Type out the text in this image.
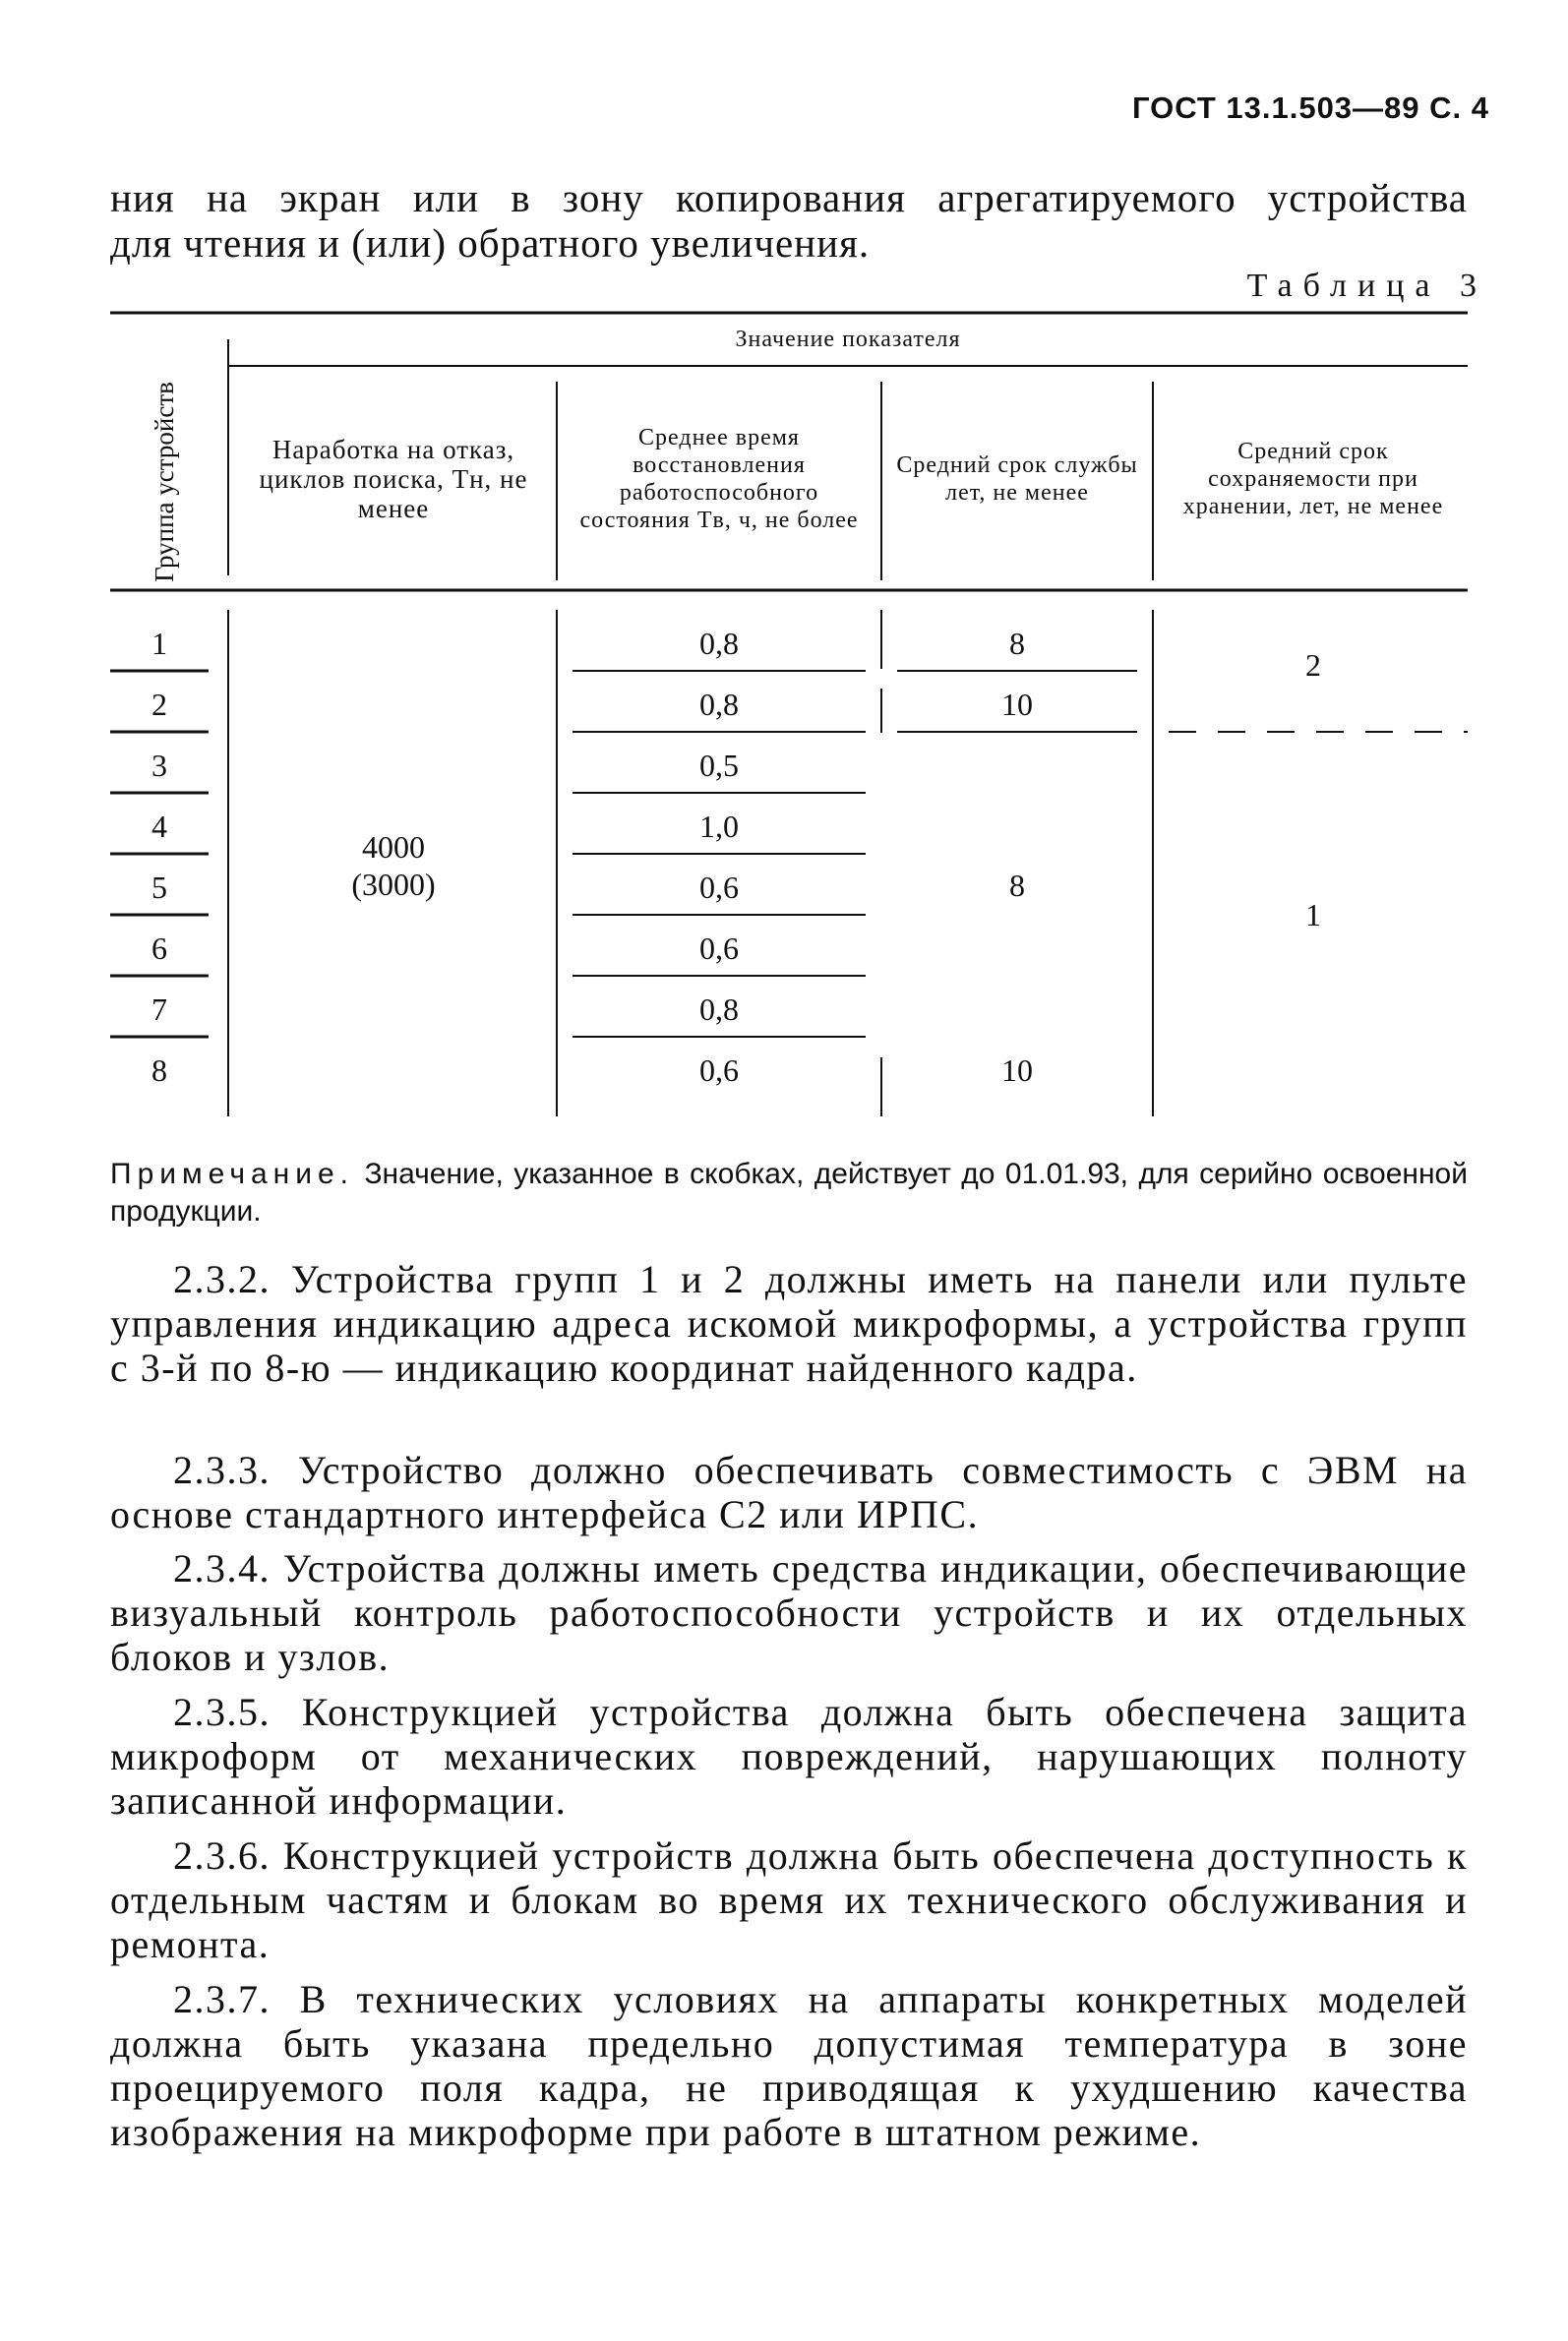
ГОСТ 13.1.503—89 С. 4
ния на экран или в зону копирования агрегатируемого устройства
для чтения и (или) обратного увеличения.
Таблица 3
Группа устройств
Значение показателя
Наработка на отказ, циклов поиска, Tн, не менее
Среднее время восстановления работоспособного состояния Tв, ч, не более
Средний срок службы лет, не менее
Средний срок сохраняемости при хранении, лет, не менее
1
2
3
4
5
6
7
8
4000
(3000)
0,8
0,8
0,5
1,0
0,6
0,6
0,8
0,6
8
10
8
10
2
1
Примечание. Значение, указанное в скобках, действует до 01.01.93, для серийно освоенной продукции.
2.3.2. Устройства групп 1 и 2 должны иметь на панели или пульте управления индикацию адреса искомой микроформы, а устройства групп с 3-й по 8-ю — индикацию координат найденного кадра.
2.3.3. Устройство должно обеспечивать совместимость с ЭВМ на основе стандартного интерфейса С2 или ИРПС.
2.3.4. Устройства должны иметь средства индикации, обеспечивающие визуальный контроль работоспособности устройств и их отдельных блоков и узлов.
2.3.5. Конструкцией устройства должна быть обеспечена защита микроформ от механических повреждений, нарушающих полноту записанной информации.
2.3.6. Конструкцией устройств должна быть обеспечена доступность к отдельным частям и блокам во время их технического обслуживания и ремонта.
2.3.7. В технических условиях на аппараты конкретных моделей должна быть указана предельно допустимая температура в зоне проецируемого поля кадра, не приводящая к ухудшению качества изображения на микроформе при работе в штатном режиме.
